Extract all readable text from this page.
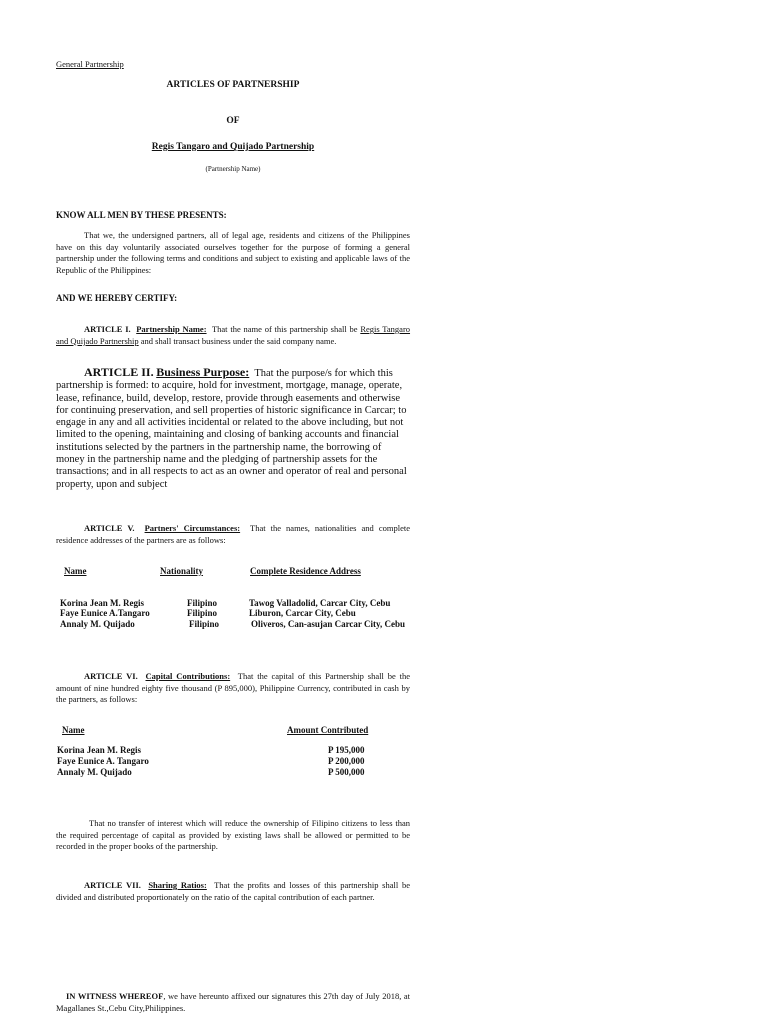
General Partnership
ARTICLES OF PARTNERSHIP
OF
Regis Tangaro and Quijado Partnership
(Partnership Name)
KNOW ALL MEN BY THESE PRESENTS:
That we, the undersigned partners, all of legal age, residents and citizens of the Philippines have on this day voluntarily associated ourselves together for the purpose of forming a general partnership under the following terms and conditions and subject to existing and applicable laws of the Republic of the Philippines:
AND WE HEREBY CERTIFY:
ARTICLE I. Partnership Name: That the name of this partnership shall be Regis Tangaro and Quijado Partnership and shall transact business under the said company name.
ARTICLE II. Business Purpose: That the purpose/s for which this partnership is formed: to acquire, hold for investment, mortgage, manage, operate, lease, refinance, build, develop, restore, provide through easements and otherwise for continuing preservation, and sell properties of historic significance in Carcar; to engage in any and all activities incidental or related to the above including, but not limited to the opening, maintaining and closing of banking accounts and financial institutions selected by the partners in the partnership name, the borrowing of money in the partnership name and the pledging of partnership assets for the transactions; and in all respects to act as an owner and operator of real and personal property, upon and subject
ARTICLE V. Partners' Circumstances: That the names, nationalities and complete residence addresses of the partners are as follows:
Name	Nationality	Complete Residence Address
Korina Jean M. Regis	Filipino	Tawog Valladolid, Carcar City, Cebu
Faye Eunice A.Tangaro	Filipino	Liburon, Carcar City, Cebu
Annaly M. Quijado	Filipino	Oliveros, Can-asujan Carcar City, Cebu
ARTICLE VI. Capital Contributions: That the capital of this Partnership shall be the amount of nine hundred eighty five thousand (P 895,000), Philippine Currency, contributed in cash by the partners, as follows:
Name	Amount Contributed
Korina Jean M. Regis	P 195,000
Faye Eunice A. Tangaro	P 200,000
Annaly M. Quijado	P 500,000
That no transfer of interest which will reduce the ownership of Filipino citizens to less than the required percentage of capital as provided by existing laws shall be allowed or permitted to be recorded in the proper books of the partnership.
ARTICLE VII. Sharing Ratios: That the profits and losses of this partnership shall be divided and distributed proportionately on the ratio of the capital contribution of each partner.
IN WITNESS WHEREOF, we have hereunto affixed our signatures this 27th day of July 2018, at Magallanes St.,Cebu City,Philippines.
